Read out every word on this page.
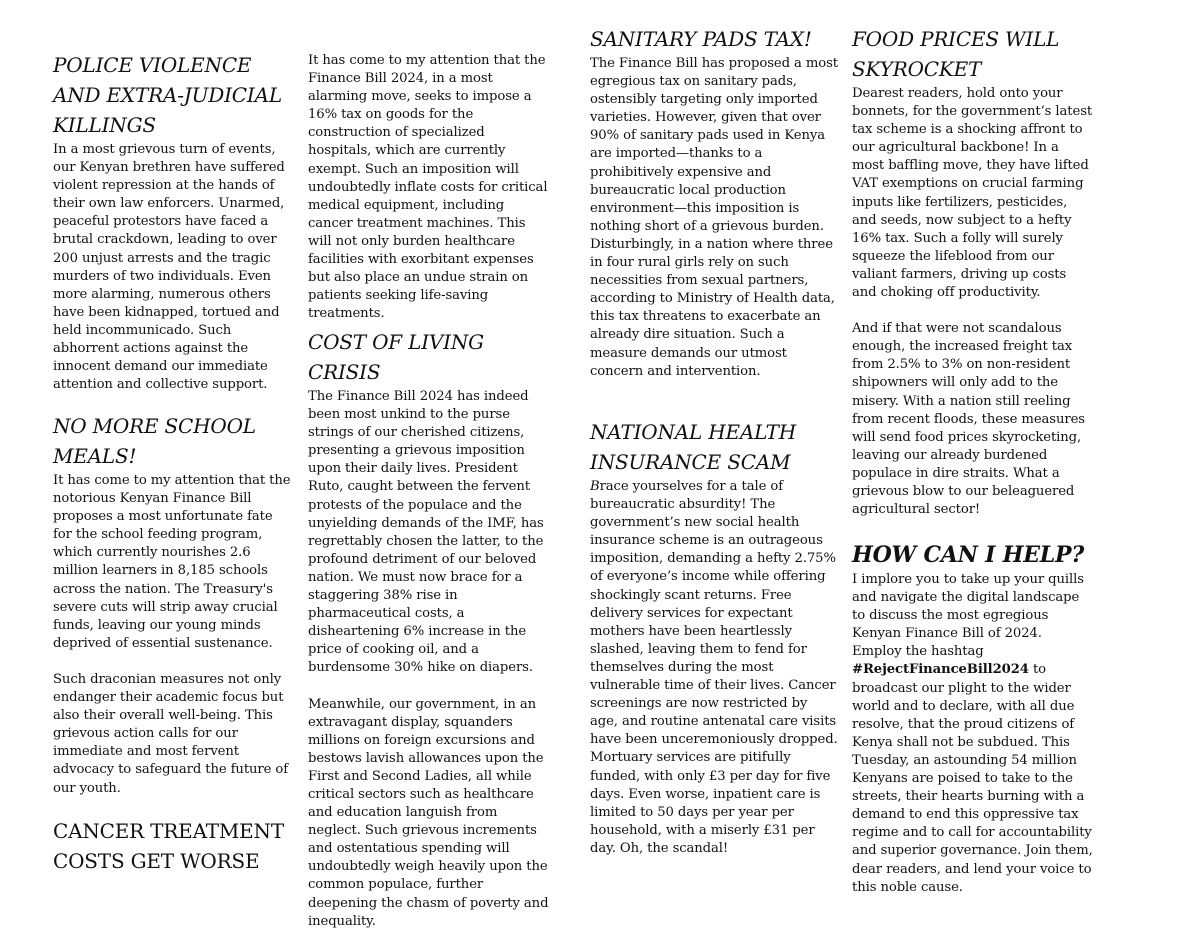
POLICE VIOLENCE AND EXTRA-JUDICIAL KILLINGS

In a most grievous turn of events, our Kenyan brethren have suffered violent repression at the hands of their own law enforcers. Unarmed, peaceful protestors have faced a brutal crackdown, leading to over 200 unjust arrests and the tragic murders of two individuals. Even more alarming, numerous others have been kidnapped, tortued and held incommunicado. Such abhorrent actions against the innocent demand our immediate attention and collective support.

NO MORE SCHOOL MEALS!

It has come to my attention that the notorious Kenyan Finance Bill proposes a most unfortunate fate for the school feeding program, which currently nourishes 2.6 million learners in 8,185 schools across the nation. The Treasury's severe cuts will strip away crucial funds, leaving our young minds deprived of essential sustenance.

Such draconian measures not only endanger their academic focus but also their overall well-being. This grievous action calls for our immediate and most fervent advocacy to safeguard the future of our youth.

CANCER TREATMENT COSTS GET WORSE

It has come to my attention that the Finance Bill 2024, in a most alarming move, seeks to impose a 16% tax on goods for the construction of specialized hospitals, which are currently exempt. Such an imposition will undoubtedly inflate costs for critical medical equipment, including cancer treatment machines. This will not only burden healthcare facilities with exorbitant expenses but also place an undue strain on patients seeking life-saving treatments.

COST OF LIVING CRISIS

The Finance Bill 2024 has indeed been most unkind to the purse strings of our cherished citizens, presenting a grievous imposition upon their daily lives. President Ruto, caught between the fervent protests of the populace and the unyielding demands of the IMF, has regrettably chosen the latter, to the profound detriment of our beloved nation. We must now brace for a staggering 38% rise in pharmaceutical costs, a disheartening 6% increase in the price of cooking oil, and a burdensome 30% hike on diapers.

Meanwhile, our government, in an extravagant display, squanders millions on foreign excursions and bestows lavish allowances upon the First and Second Ladies, all while critical sectors such as healthcare and education languish from neglect. Such grievous increments and ostentatious spending will undoubtedly weigh heavily upon the common populace, further deepening the chasm of poverty and inequality.

SANITARY PADS TAX!

The Finance Bill has proposed a most egregious tax on sanitary pads, ostensibly targeting only imported varieties. However, given that over 90% of sanitary pads used in Kenya are imported—thanks to a prohibitively expensive and bureaucratic local production environment—this imposition is nothing short of a grievous burden. Disturbingly, in a nation where three in four rural girls rely on such necessities from sexual partners, according to Ministry of Health data, this tax threatens to exacerbate an already dire situation. Such a measure demands our utmost concern and intervention.

NATIONAL HEALTH INSURANCE SCAM

Brace yourselves for a tale of bureaucratic absurdity! The government’s new social health insurance scheme is an outrageous imposition, demanding a hefty 2.75% of everyone’s income while offering shockingly scant returns. Free delivery services for expectant mothers have been heartlessly slashed, leaving them to fend for themselves during the most vulnerable time of their lives. Cancer screenings are now restricted by age, and routine antenatal care visits have been unceremoniously dropped. Mortuary services are pitifully funded, with only £3 per day for five days. Even worse, inpatient care is limited to 50 days per year per household, with a miserly £31 per day. Oh, the scandal!

FOOD PRICES WILL SKYROCKET

Dearest readers, hold onto your bonnets, for the government’s latest tax scheme is a shocking affront to our agricultural backbone! In a most baffling move, they have lifted VAT exemptions on crucial farming inputs like fertilizers, pesticides, and seeds, now subject to a hefty 16% tax. Such a folly will surely squeeze the lifeblood from our valiant farmers, driving up costs and choking off productivity.

And if that were not scandalous enough, the increased freight tax from 2.5% to 3% on non-resident shipowners will only add to the misery. With a nation still reeling from recent floods, these measures will send food prices skyrocketing, leaving our already burdened populace in dire straits. What a grievous blow to our beleaguered agricultural sector!

HOW CAN I HELP?

I implore you to take up your quills and navigate the digital landscape to discuss the most egregious Kenyan Finance Bill of 2024. Employ the hashtag #RejectFinanceBill2024 to broadcast our plight to the wider world and to declare, with all due resolve, that the proud citizens of Kenya shall not be subdued. This Tuesday, an astounding 54 million Kenyans are poised to take to the streets, their hearts burning with a demand to end this oppressive tax regime and to call for accountability and superior governance. Join them, dear readers, and lend your voice to this noble cause.
